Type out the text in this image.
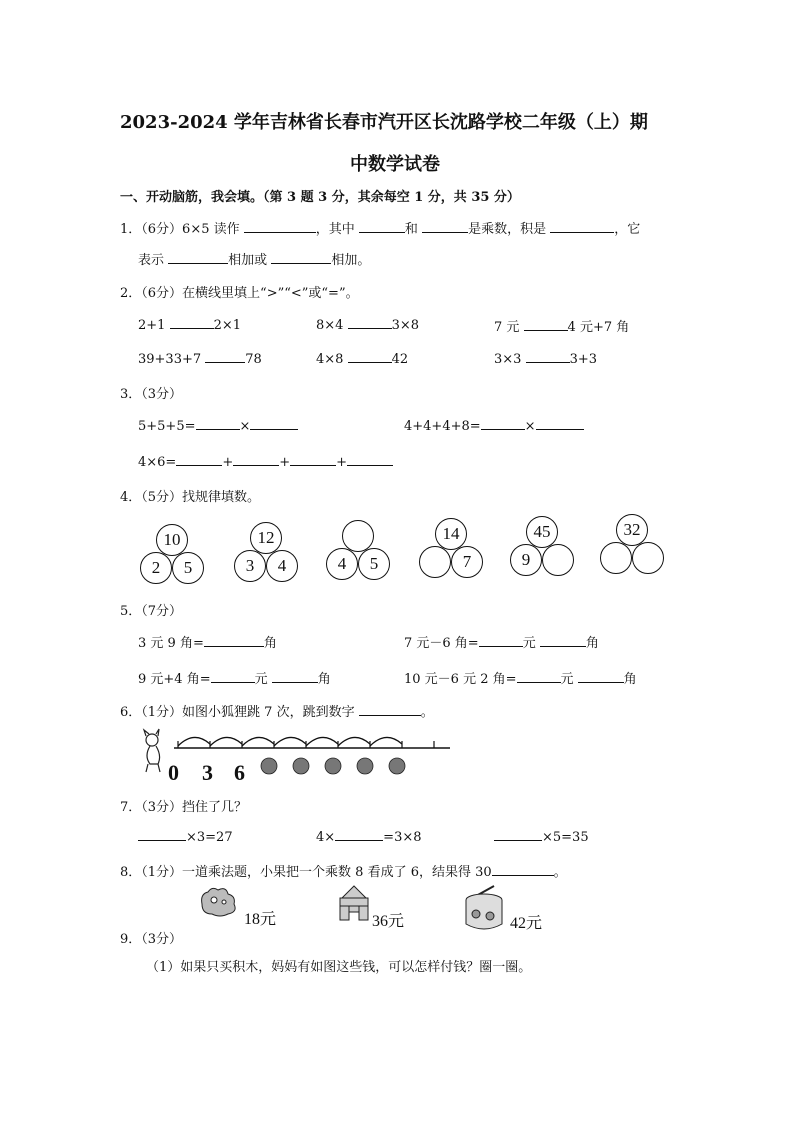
2023-2024 学年吉林省长春市汽开区长沈路学校二年级（上）期
中数学试卷
一、开动脑筋，我会填。（第 3 题 3 分，其余每空 1 分，共 35 分）
1．（6分）6×5 读作	，其中	和	是乘数，积是	，它
表示	相加或	相加。
2．（6分）在横线里填上“>”“<”或“=”。
2+1	2×1	8×4	3×8	7 元	4 元+7 角
39+33+7	78	4×8	42	3×3	3+3
3．（3分）
5+5+5=	×	4+4+4+8=	×
4×6=	+	+	+
4．（5分）找规律填数。
10
2	5
12
3	4	4	5
14
7
45
9
32
5．（7分）
3 元 9 角=	角	7 元－6 角=	元	角
9 元+4 角=	元	角	10 元－6 元 2 角=	元	角
6．（1分）如图小狐狸跳 7 次，跳到数字	。
0 3 6
7．（3分）挡住了几？
×3=27	4×	=3×8	×5=35
8．（1分）一道乘法题，小果把一个乘数 8 看成了 6，结果得 30	。
18元	36元	42元
9．（3分）
（1）如果只买积木，妈妈有如图这些钱，可以怎样付钱？圈一圈。
